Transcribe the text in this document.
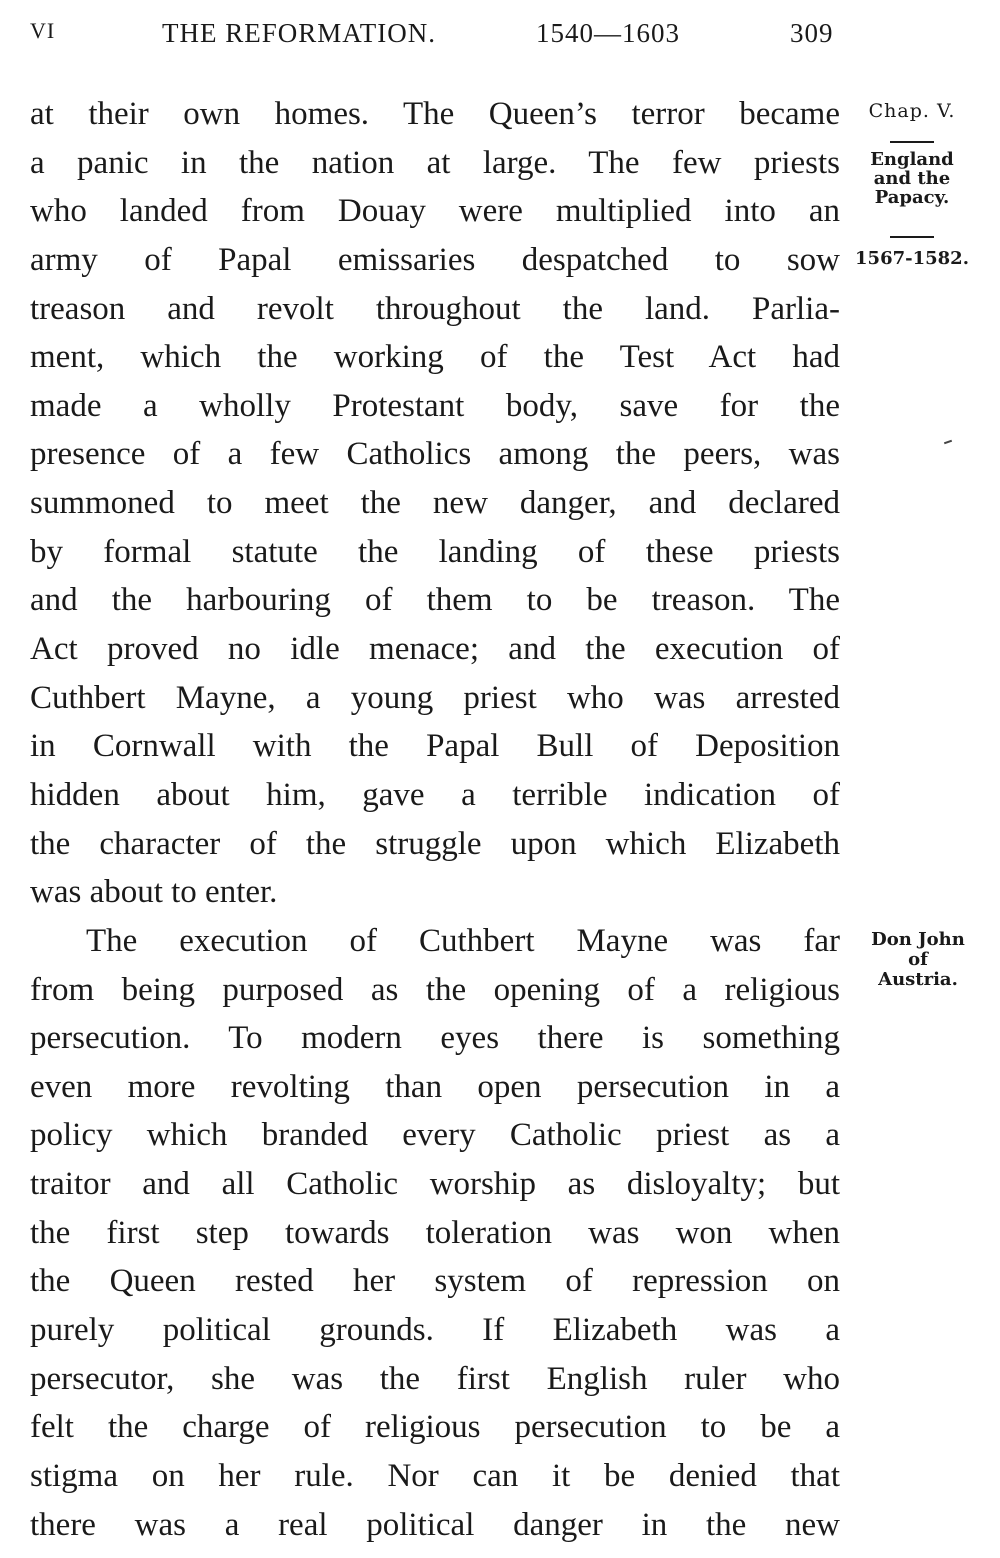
VI	THE REFORMATION.	1540—1603	309
at their own homes. The Queen’s terror became
a panic in the nation at large. The few priests
who landed from Douay were multiplied into an
army of Papal emissaries despatched to sow
treason and revolt throughout the land. Parlia-
ment, which the working of the Test Act had
made a wholly Protestant body, save for the
presence of a few Catholics among the peers, was
summoned to meet the new danger, and declared
by formal statute the landing of these priests
and the harbouring of them to be treason. The
Act proved no idle menace; and the execution of
Cuthbert Mayne, a young priest who was arrested
in Cornwall with the Papal Bull of Deposition
hidden about him, gave a terrible indication of
the character of the struggle upon which Elizabeth
was about to enter.
The execution of Cuthbert Mayne was far
from being purposed as the opening of a religious
persecution. To modern eyes there is something
even more revolting than open persecution in a
policy which branded every Catholic priest as a
traitor and all Catholic worship as disloyalty; but
the first step towards toleration was won when
the Queen rested her system of repression on
purely political grounds. If Elizabeth was a
persecutor, she was the first English ruler who
felt the charge of religious persecution to be a
stigma on her rule. Nor can it be denied that
there was a real political danger in the new
Chap. V.
England
and the
Papacy.
1567-1582.
Don John
of
Austria.
